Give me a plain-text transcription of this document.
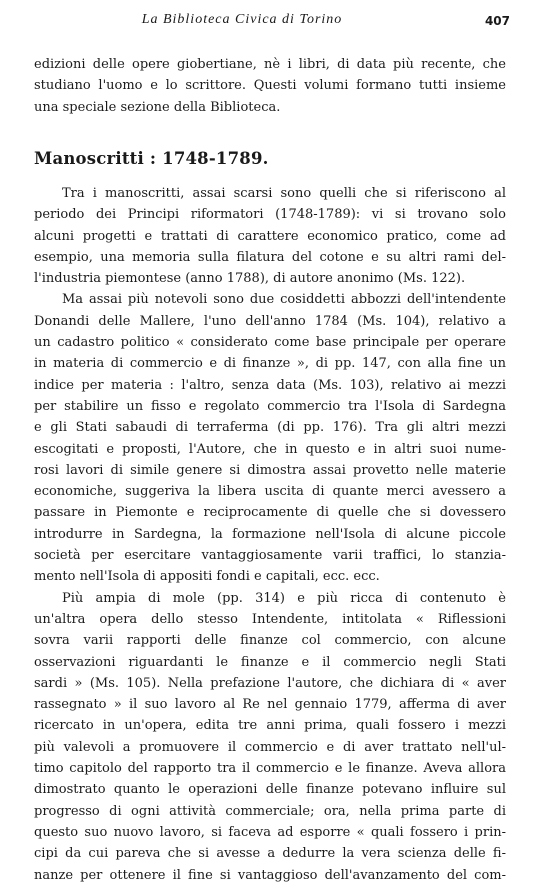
La Biblioteca Civica di Torino	407
edizioni delle opere giobertiane, nè i libri, di data più recente, che
studiano l'uomo e lo scrittore. Questi volumi formano tutti insieme
una speciale sezione della Biblioteca.
Manoscritti : 1748-1789.
Tra i manoscritti, assai scarsi sono quelli che si riferiscono al
periodo dei Principi riformatori (1748-1789): vi si trovano solo
alcuni progetti e trattati di carattere economico pratico, come ad
esempio, una memoria sulla filatura del cotone e su altri rami del-
l'industria piemontese (anno 1788), di autore anonimo (Ms. 122).
Ma assai più notevoli sono due cosiddetti abbozzi dell'intendente
Donandi delle Mallere, l'uno dell'anno 1784 (Ms. 104), relativo a
un cadastro politico « considerato come base principale per operare
in materia di commercio e di finanze », di pp. 147, con alla fine un
indice per materia : l'altro, senza data (Ms. 103), relativo ai mezzi
per stabilire un fisso e regolato commercio tra l'Isola di Sardegna
e gli Stati sabaudi di terraferma (di pp. 176). Tra gli altri mezzi
escogitati e proposti, l'Autore, che in questo e in altri suoi nume-
rosi lavori di simile genere si dimostra assai provetto nelle materie
economiche, suggeriva la libera uscita di quante merci avessero a
passare in Piemonte e reciprocamente di quelle che si dovessero
introdurre in Sardegna, la formazione nell'Isola di alcune piccole
società per esercitare vantaggiosamente varii traffici, lo stanzia-
mento nell'Isola di appositi fondi e capitali, ecc. ecc.
Più ampia di mole (pp. 314) e più ricca di contenuto è
un'altra opera dello stesso Intendente, intitolata « Riflessioni
sovra varii rapporti delle finanze col commercio, con alcune
osservazioni riguardanti le finanze e il commercio negli Stati
sardi » (Ms. 105). Nella prefazione l'autore, che dichiara di « aver
rassegnato » il suo lavoro al Re nel gennaio 1779, afferma di aver
ricercato in un'opera, edita tre anni prima, quali fossero i mezzi
più valevoli a promuovere il commercio e di aver trattato nell'ul-
timo capitolo del rapporto tra il commercio e le finanze. Aveva allora
dimostrato quanto le operazioni delle finanze potevano influire sul
progresso di ogni attività commerciale; ora, nella prima parte di
questo suo nuovo lavoro, si faceva ad esporre « quali fossero i prin-
cipi da cui pareva che si avesse a dedurre la vera scienza delle fi-
nanze per ottenere il fine si vantaggioso dell'avanzamento del com-
